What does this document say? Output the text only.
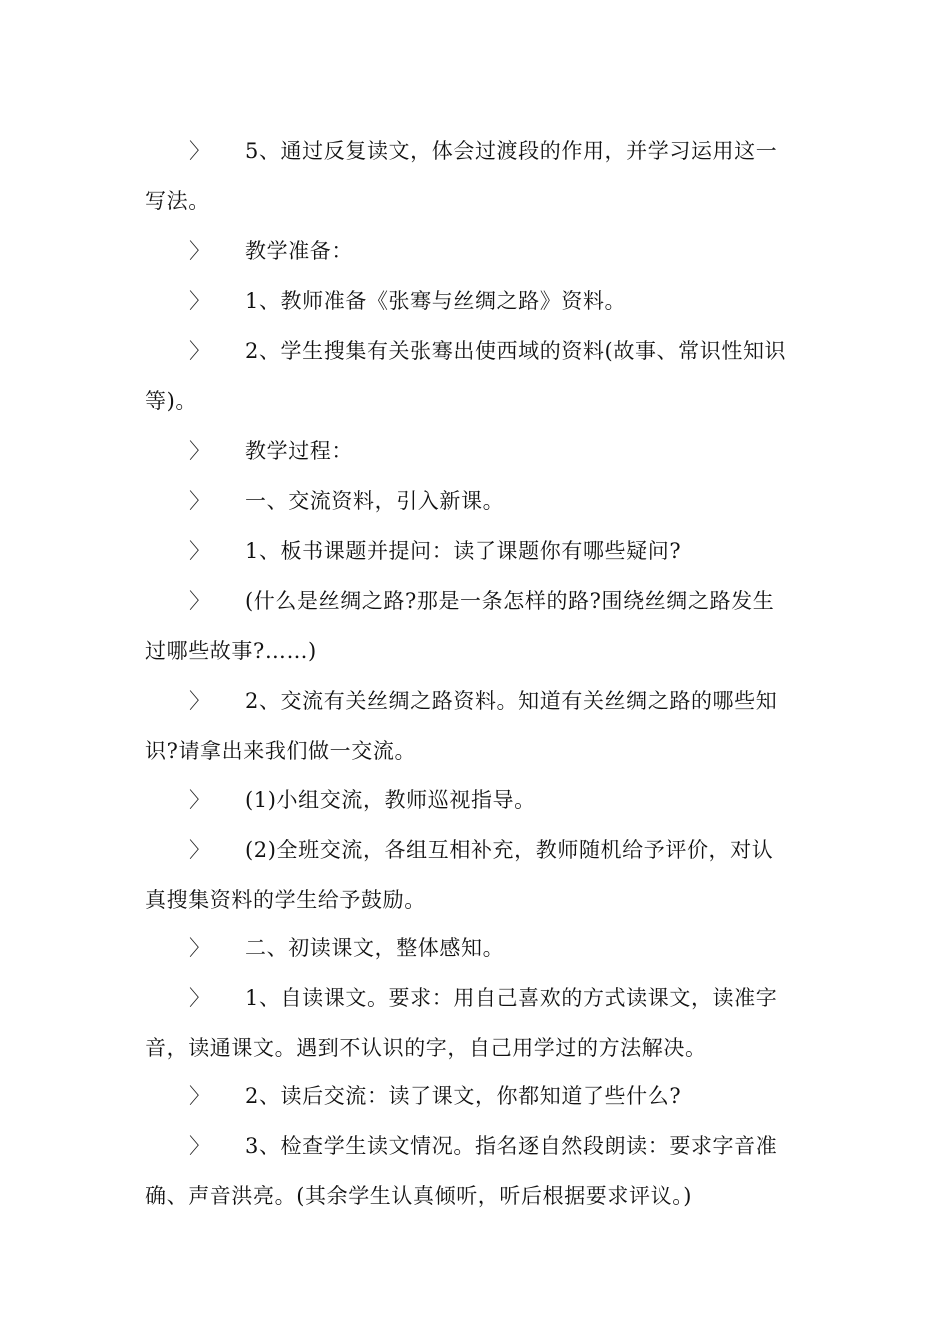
〉	5、通过反复读文，体会过渡段的作用，并学习运用这一
写法。
〉	教学准备：
〉	1、教师准备《张骞与丝绸之路》资料。
〉	2、学生搜集有关张骞出使西域的资料(故事、常识性知识
等)。
〉	教学过程：
〉	一、交流资料，引入新课。
〉	1、板书课题并提问：读了课题你有哪些疑问?
〉	(什么是丝绸之路?那是一条怎样的路?围绕丝绸之路发生
过哪些故事?……)
〉	2、交流有关丝绸之路资料。知道有关丝绸之路的哪些知
识?请拿出来我们做一交流。
〉	(1)小组交流，教师巡视指导。
〉	(2)全班交流，各组互相补充，教师随机给予评价，对认
真搜集资料的学生给予鼓励。
〉	二、初读课文，整体感知。
〉	1、自读课文。要求：用自己喜欢的方式读课文，读准字
音，读通课文。遇到不认识的字，自己用学过的方法解决。
〉	2、读后交流：读了课文，你都知道了些什么?
〉	3、检查学生读文情况。指名逐自然段朗读：要求字音准
确、声音洪亮。(其余学生认真倾听，听后根据要求评议。)
